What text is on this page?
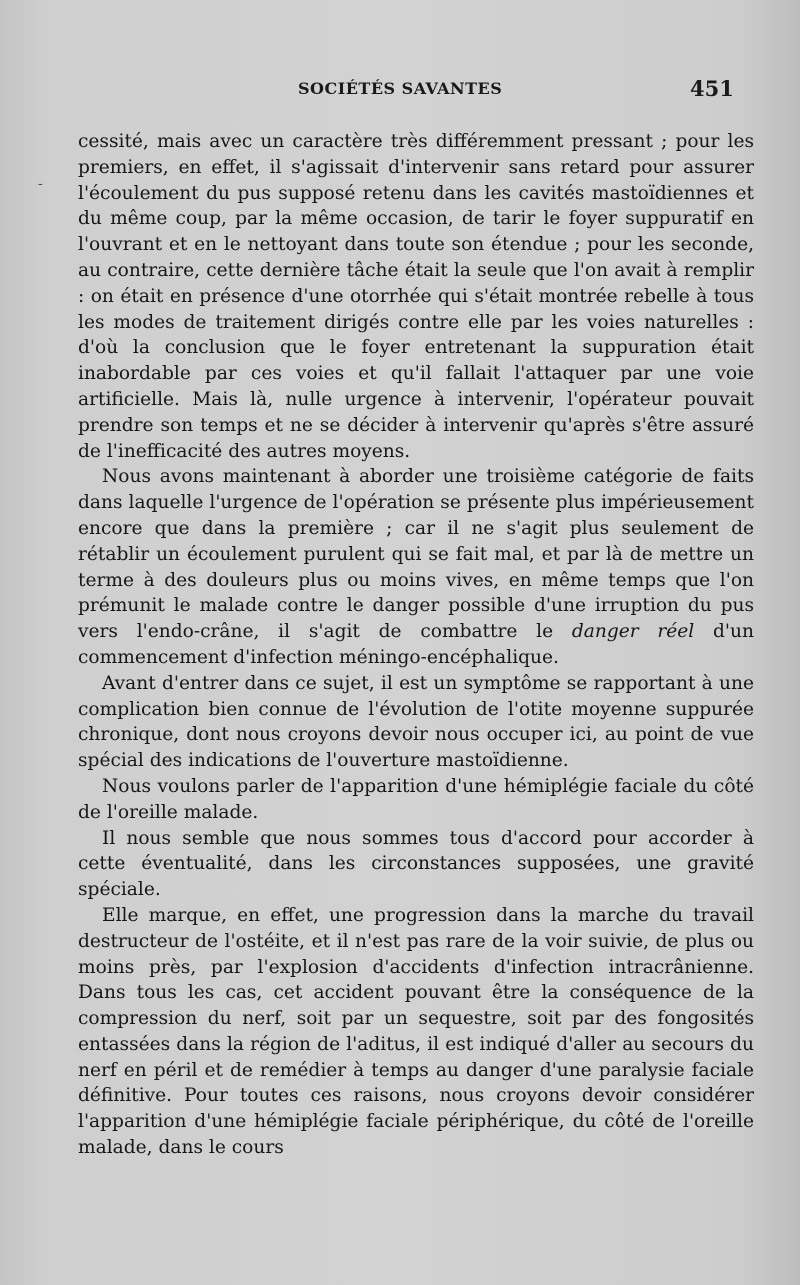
SOCIÉTÉS SAVANTES	451
-

cessité, mais avec un caractère très différemment pressant ; pour les premiers, en effet, il s'agissait d'intervenir sans retard pour assurer l'écoulement du pus supposé retenu dans les cavités mastoïdiennes et du même coup, par la même occasion, de tarir le foyer suppuratif en l'ouvrant et en le nettoyant dans toute son étendue ; pour les seconde, au contraire, cette dernière tâche était la seule que l'on avait à remplir : on était en présence d'une otorrhée qui s'était montrée rebelle à tous les modes de traitement dirigés contre elle par les voies naturelles : d'où la conclusion que le foyer entretenant la suppuration était inabordable par ces voies et qu'il fallait l'attaquer par une voie artificielle. Mais là, nulle urgence à intervenir, l'opérateur pouvait prendre son temps et ne se décider à intervenir qu'après s'être assuré de l'inefficacité des autres moyens.

Nous avons maintenant à aborder une troisième catégorie de faits dans laquelle l'urgence de l'opération se présente plus impérieusement encore que dans la première ; car il ne s'agit plus seulement de rétablir un écoulement purulent qui se fait mal, et par là de mettre un terme à des douleurs plus ou moins vives, en même temps que l'on prémunit le malade contre le danger possible d'une irruption du pus vers l'endo-crâne, il s'agit de combattre le danger réel d'un commencement d'infection méningo-encéphalique.

Avant d'entrer dans ce sujet, il est un symptôme se rapportant à une complication bien connue de l'évolution de l'otite moyenne suppurée chronique, dont nous croyons devoir nous occuper ici, au point de vue spécial des indications de l'ouverture mastoïdienne.

Nous voulons parler de l'apparition d'une hémiplégie faciale du côté de l'oreille malade.

Il nous semble que nous sommes tous d'accord pour accorder à cette éventualité, dans les circonstances supposées, une gravité spéciale.

Elle marque, en effet, une progression dans la marche du travail destructeur de l'ostéite, et il n'est pas rare de la voir suivie, de plus ou moins près, par l'explosion d'accidents d'infection intracrânienne. Dans tous les cas, cet accident pouvant être la conséquence de la compression du nerf, soit par un sequestre, soit par des fongosités entassées dans la région de l'aditus, il est indiqué d'aller au secours du nerf en péril et de remédier à temps au danger d'une paralysie faciale définitive. Pour toutes ces raisons, nous croyons devoir considérer l'apparition d'une hémiplégie faciale périphérique, du côté de l'oreille malade, dans le cours
